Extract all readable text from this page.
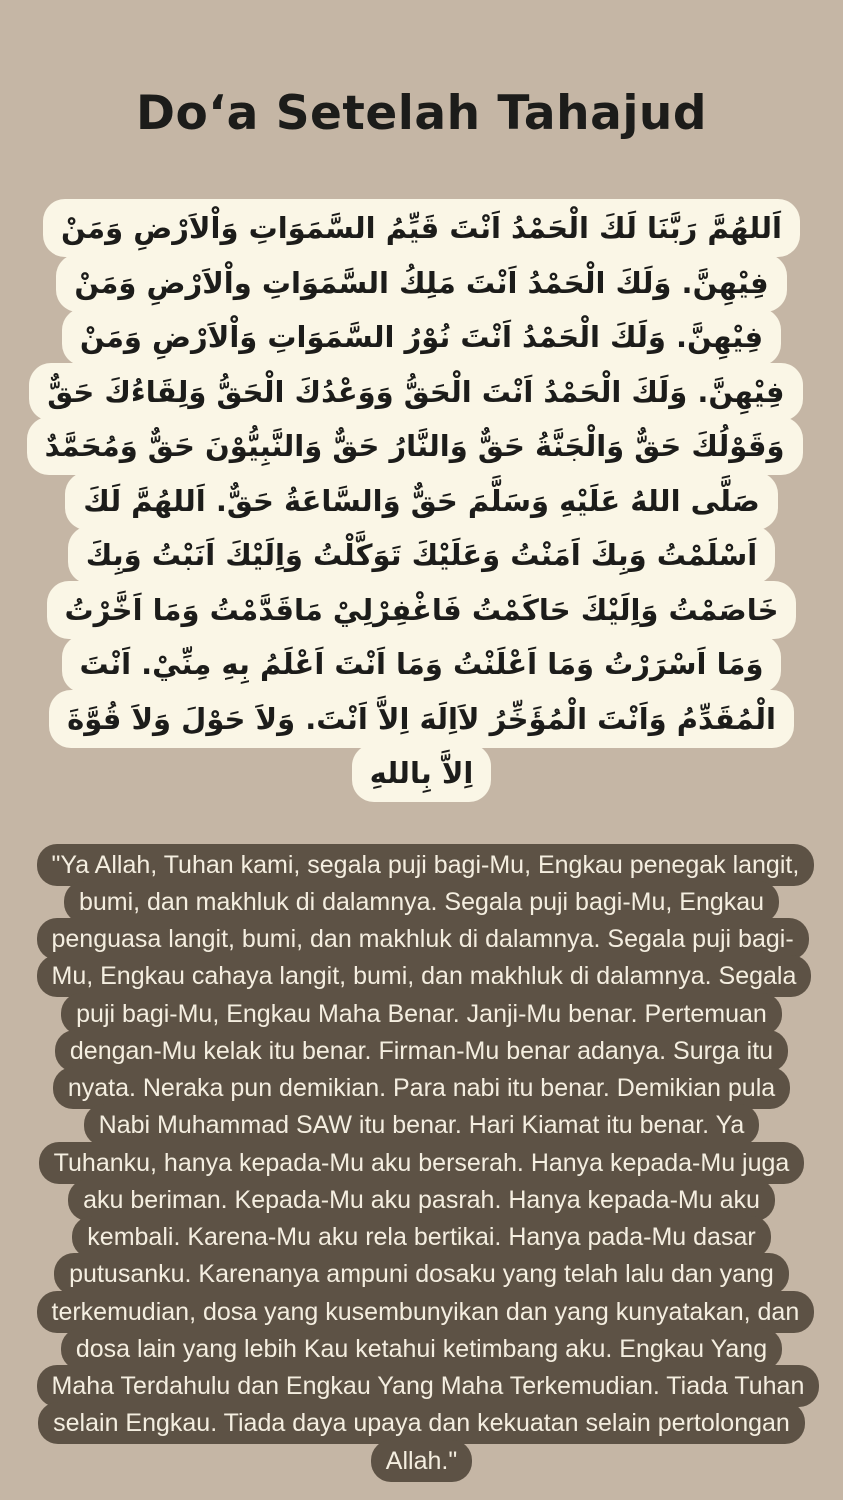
Do‘a Setelah Tahajud
اَللهُمَّ رَبَّنَا لَكَ الْحَمْدُ اَنْتَ قَيِّمُ السَّمَوَاتِ وَاْلاَرْضِ وَمَنْ فِيْهِنَّ. وَلَكَ الْحَمْدُ اَنْتَ مَلِكُ السَّمَوَاتِ واْلاَرْضِ وَمَنْ فِيْهِنَّ. وَلَكَ الْحَمْدُ اَنْتَ نُوْرُ السَّمَوَاتِ وَاْلاَرْضِ وَمَنْ فِيْهِنَّ. وَلَكَ الْحَمْدُ اَنْتَ الْحَقُّ وَوَعْدُكَ الْحَقُّ وَلِقَاءُكَ حَقٌّ وَقَوْلُكَ حَقٌّ وَالْجَنَّةُ حَقٌّ وَالنَّارُ حَقٌّ وَالنَّبِيُّوْنَ حَقٌّ وَمُحَمَّدٌ صَلَّى اللهُ عَلَيْهِ وَسَلَّمَ حَقٌّ وَالسَّاعَةُ حَقٌّ. اَللهُمَّ لَكَ اَسْلَمْتُ وَبِكَ اَمَنْتُ وَعَلَيْكَ تَوَكَّلْتُ وَاِلَيْكَ اَنَبْتُ وَبِكَ خَاصَمْتُ وَاِلَيْكَ حَاكَمْتُ فَاغْفِرْلِيْ مَاقَدَّمْتُ وَمَا اَخَّرْتُ وَمَا اَسْرَرْتُ وَمَا اَعْلَنْتُ وَمَا اَنْتَ اَعْلَمُ بِهِ مِنِّيْ. اَنْتَ الْمُقَدِّمُ وَاَنْتَ الْمُؤَخِّرُ لاَاِلَهَ اِلاَّ اَنْتَ. وَلاَ حَوْلَ وَلاَ قُوَّةَ اِلاَّ بِاللهِ
"Ya Allah, Tuhan kami, segala puji bagi-Mu, Engkau penegak langit, bumi, dan makhluk di dalamnya. Segala puji bagi-Mu, Engkau penguasa langit, bumi, dan makhluk di dalamnya. Segala puji bagi-Mu, Engkau cahaya langit, bumi, dan makhluk di dalamnya. Segala puji bagi-Mu, Engkau Maha Benar. Janji-Mu benar. Pertemuan dengan-Mu kelak itu benar. Firman-Mu benar adanya. Surga itu nyata. Neraka pun demikian. Para nabi itu benar. Demikian pula Nabi Muhammad SAW itu benar. Hari Kiamat itu benar. Ya Tuhanku, hanya kepada-Mu aku berserah. Hanya kepada-Mu juga aku beriman. Kepada-Mu aku pasrah. Hanya kepada-Mu aku kembali. Karena-Mu aku rela bertikai. Hanya pada-Mu dasar putusanku. Karenanya ampuni dosaku yang telah lalu dan yang terkemudian, dosa yang kusembunyikan dan yang kunyatakan, dan dosa lain yang lebih Kau ketahui ketimbang aku. Engkau Yang Maha Terdahulu dan Engkau Yang Maha Terkemudian. Tiada Tuhan selain Engkau. Tiada daya upaya dan kekuatan selain pertolongan Allah."
